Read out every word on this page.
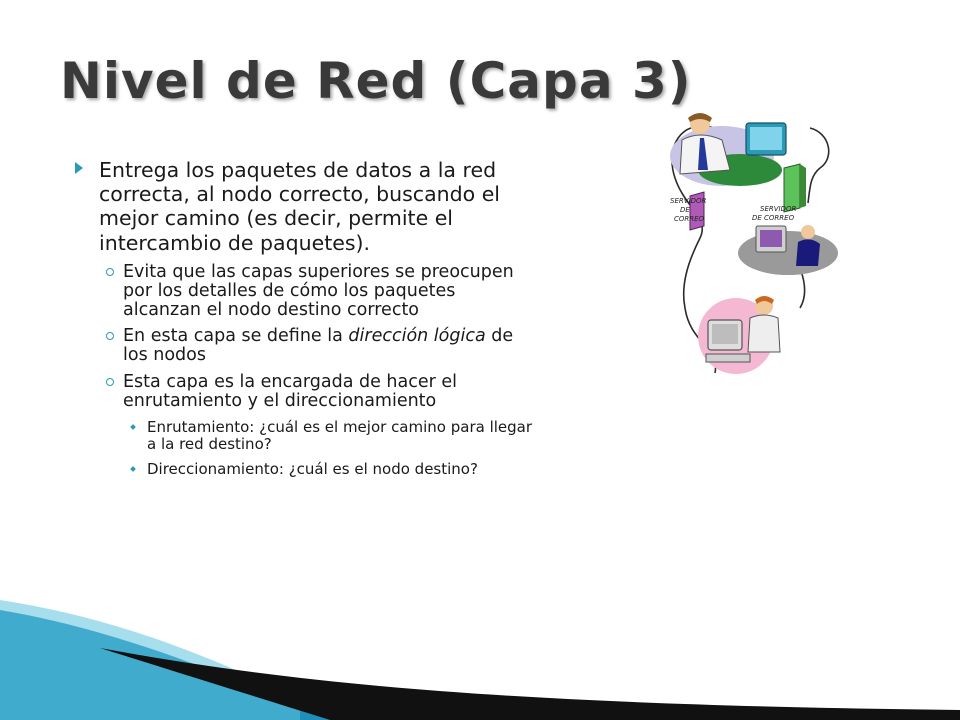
Nivel de Red (Capa 3)

Entrega los paquetes de datos a la red correcta, al nodo correcto, buscando el mejor camino (es decir, permite el intercambio de paquetes).

Evita que las capas superiores se preocupen por los detalles de cómo los paquetes alcanzan el nodo destino correcto

En esta capa se define la dirección lógica de los nodos

Esta capa es la encargada de hacer el enrutamiento y el direccionamiento

Enrutamiento: ¿cuál es el mejor camino para llegar a la red destino?

Direccionamiento: ¿cuál es el nodo destino?

SERVIDOR DE CORREO
SERVIDOR DE CORREO
